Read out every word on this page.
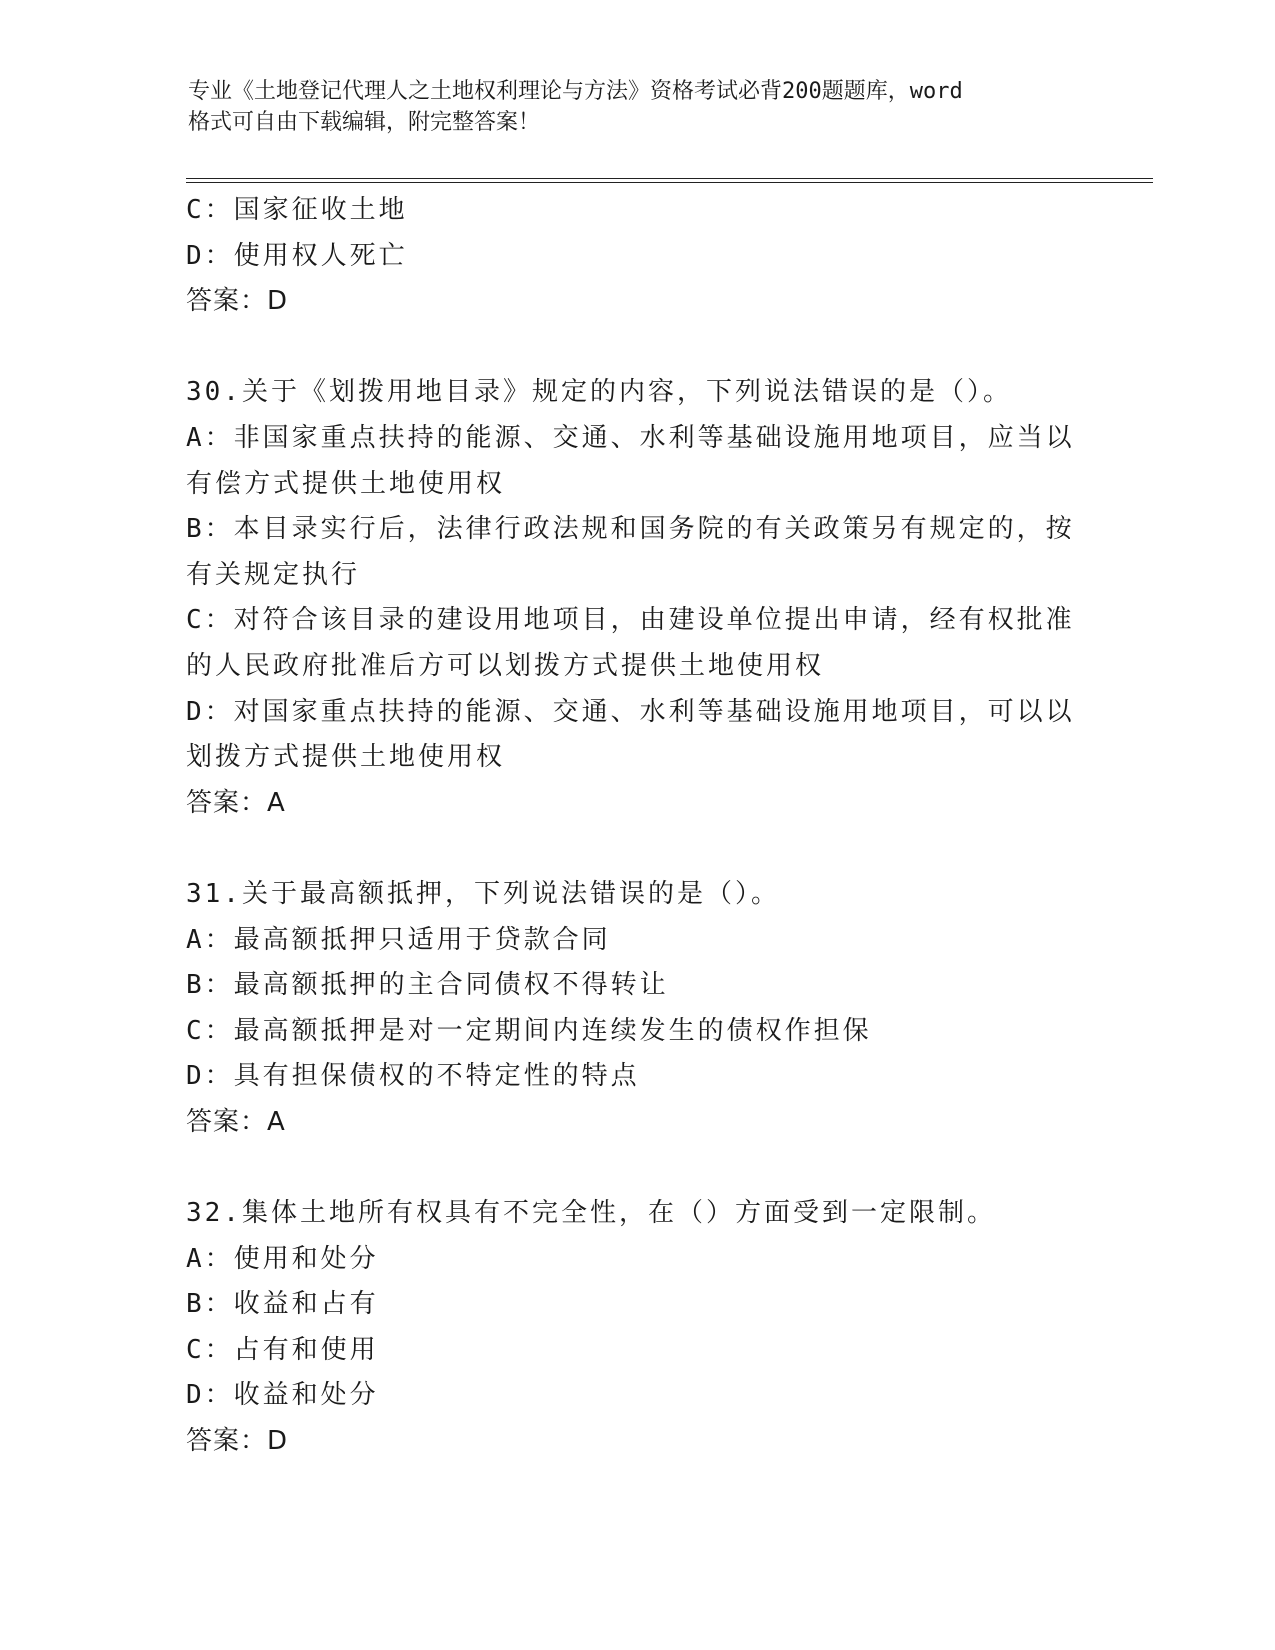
专业《土地登记代理人之土地权利理论与方法》资格考试必背200题题库，word
格式可自由下载编辑，附完整答案！
C：国家征收土地
D：使用权人死亡
答案：D
30.关于《划拨用地目录》规定的内容，下列说法错误的是（）。
A：非国家重点扶持的能源、交通、水利等基础设施用地项目，应当以
有偿方式提供土地使用权
B：本目录实行后，法律行政法规和国务院的有关政策另有规定的，按
有关规定执行
C：对符合该目录的建设用地项目，由建设单位提出申请，经有权批准
的人民政府批准后方可以划拨方式提供土地使用权
D：对国家重点扶持的能源、交通、水利等基础设施用地项目，可以以
划拨方式提供土地使用权
答案：A
31.关于最高额抵押，下列说法错误的是（）。
A：最高额抵押只适用于贷款合同
B：最高额抵押的主合同债权不得转让
C：最高额抵押是对一定期间内连续发生的债权作担保
D：具有担保债权的不特定性的特点
答案：A
32.集体土地所有权具有不完全性，在（）方面受到一定限制。
A：使用和处分
B：收益和占有
C：占有和使用
D：收益和处分
答案：D
